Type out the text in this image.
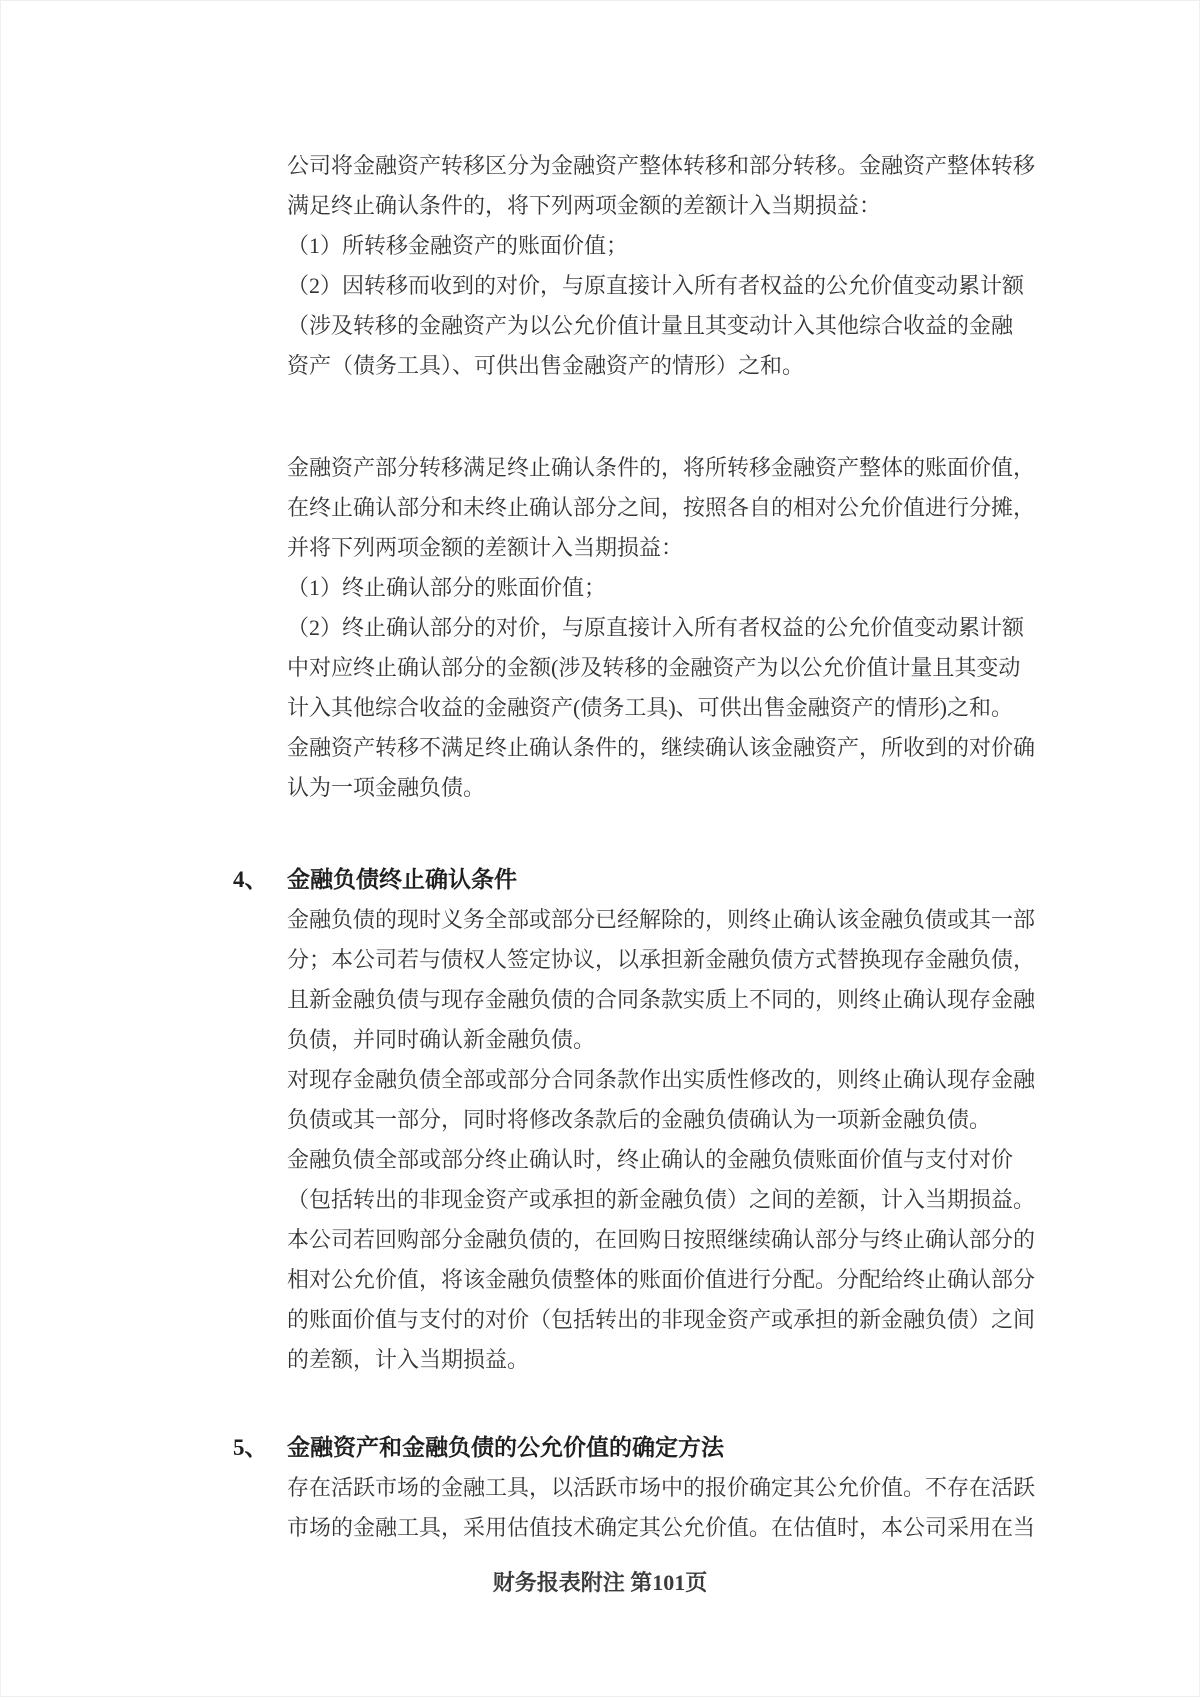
公司将金融资产转移区分为金融资产整体转移和部分转移。金融资产整体转移
满足终止确认条件的，将下列两项金额的差额计入当期损益：
（1）所转移金融资产的账面价值；
（2）因转移而收到的对价，与原直接计入所有者权益的公允价值变动累计额
（涉及转移的金融资产为以公允价值计量且其变动计入其他综合收益的金融
资产（债务工具）、可供出售金融资产的情形）之和。
金融资产部分转移满足终止确认条件的，将所转移金融资产整体的账面价值，
在终止确认部分和未终止确认部分之间，按照各自的相对公允价值进行分摊，
并将下列两项金额的差额计入当期损益：
（1）终止确认部分的账面价值；
（2）终止确认部分的对价，与原直接计入所有者权益的公允价值变动累计额
中对应终止确认部分的金额(涉及转移的金融资产为以公允价值计量且其变动
计入其他综合收益的金融资产(债务工具)、可供出售金融资产的情形)之和。
金融资产转移不满足终止确认条件的，继续确认该金融资产，所收到的对价确
认为一项金融负债。
4、 金融负债终止确认条件
金融负债的现时义务全部或部分已经解除的，则终止确认该金融负债或其一部
分；本公司若与债权人签定协议，以承担新金融负债方式替换现存金融负债，
且新金融负债与现存金融负债的合同条款实质上不同的，则终止确认现存金融
负债，并同时确认新金融负债。
对现存金融负债全部或部分合同条款作出实质性修改的，则终止确认现存金融
负债或其一部分，同时将修改条款后的金融负债确认为一项新金融负债。
金融负债全部或部分终止确认时，终止确认的金融负债账面价值与支付对价
（包括转出的非现金资产或承担的新金融负债）之间的差额，计入当期损益。
本公司若回购部分金融负债的，在回购日按照继续确认部分与终止确认部分的
相对公允价值，将该金融负债整体的账面价值进行分配。分配给终止确认部分
的账面价值与支付的对价（包括转出的非现金资产或承担的新金融负债）之间
的差额，计入当期损益。
5、 金融资产和金融负债的公允价值的确定方法
存在活跃市场的金融工具，以活跃市场中的报价确定其公允价值。不存在活跃
市场的金融工具，采用估值技术确定其公允价值。在估值时，本公司采用在当
财务报表附注 第101页
